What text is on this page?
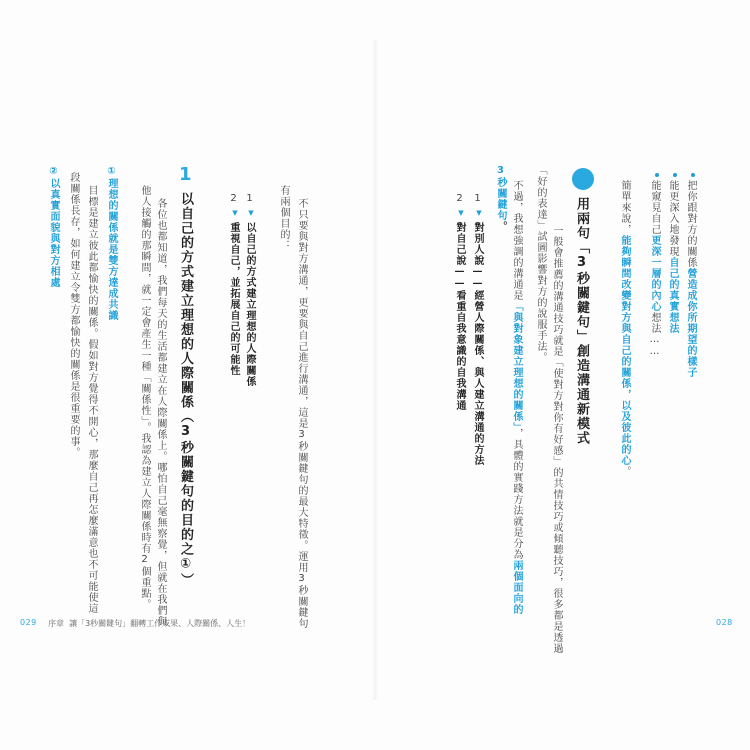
把你跟對方的關係營造成你所期望的樣子
能更深入地發現自己的真實想法
能窺見自己更深一層的內心想法……
簡單來說，能夠瞬間改變對方與自己的關係，以及彼此的心。
用兩句「3秒關鍵句」創造溝通新模式
一般會推薦的溝通技巧就是「使對方對你有好感」的共情技巧或傾聽技巧，很多都是透過
「好的表達」試圖影響對方的說服手法。
不過，我想強調的溝通是「與對象建立理想的關係」，具體的實踐方法就是分為兩個面向的
3秒關鍵句。
1
▼
對別人說——經營人際關係、與人建立溝通的方法
2
▼
對自己說——看重自我意識的自我溝通
028
不只要與對方溝通，更要與自己進行溝通，這是3秒關鍵句的最大特徵。運用3秒關鍵句
有兩個目的：
1
▼
以自己的方式建立理想的人際關係
2
▼
重視自己，並拓展自己的可能性
1
以自己的方式建立理想的人際關係（3秒關鍵句的目的之①）
各位也都知道，我們每天的生活都建立在人際關係上。哪怕自己毫無察覺，但就在我們與
他人接觸的那瞬間，就一定會產生一種「關係性」。我認為建立人際關係時有2個重點。
①理想的關係就是雙方達成共識
目標是建立彼此都愉快的關係。假如對方覺得不開心，那麼自己再怎麼滿意也不可能使這
段關係長存，如何建立令雙方都愉快的關係是很重要的事。
②以真實面貌與對方相處
029 序章 讓「3秒關鍵句」翻轉工作成果、人際關係、人生！
